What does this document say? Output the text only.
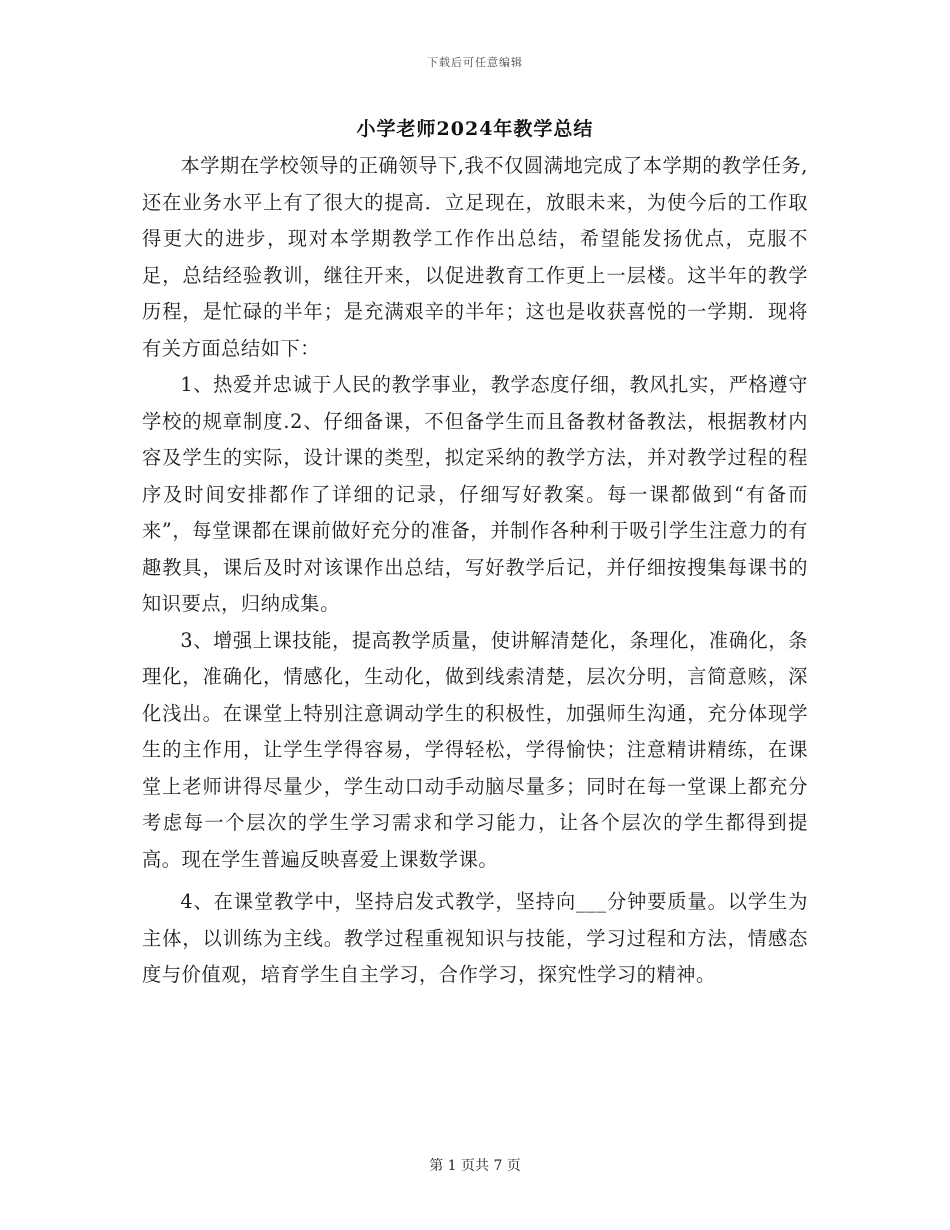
下载后可任意编辑
小学老师2024年教学总结

本学期在学校领导的正确领导下,我不仅圆满地完成了本学期的教学任务,还在业务水平上有了很大的提高．立足现在，放眼未来，为使今后的工作取得更大的进步，现对本学期教学工作作出总结，希望能发扬优点，克服不足，总结经验教训，继往开来，以促进教育工作更上一层楼。这半年的教学历程，是忙碌的半年；是充满艰辛的半年；这也是收获喜悦的一学期．现将有关方面总结如下：

1、热爱并忠诚于人民的教学事业，教学态度仔细，教风扎实，严格遵守学校的规章制度.2、仔细备课，不但备学生而且备教材备教法，根据教材内容及学生的实际，设计课的类型，拟定采纳的教学方法，并对教学过程的程序及时间安排都作了详细的记录，仔细写好教案。每一课都做到“有备而来”，每堂课都在课前做好充分的准备，并制作各种利于吸引学生注意力的有趣教具，课后及时对该课作出总结，写好教学后记，并仔细按搜集每课书的知识要点，归纳成集。

3、增强上课技能，提高教学质量，使讲解清楚化，条理化，准确化，条理化，准确化，情感化，生动化，做到线索清楚，层次分明，言简意赅，深化浅出。在课堂上特别注意调动学生的积极性，加强师生沟通，充分体现学生的主作用，让学生学得容易，学得轻松，学得愉快；注意精讲精练，在课堂上老师讲得尽量少，学生动口动手动脑尽量多；同时在每一堂课上都充分考虑每一个层次的学生学习需求和学习能力，让各个层次的学生都得到提高。现在学生普遍反映喜爱上课数学课。

4、在课堂教学中，坚持启发式教学，坚持向___分钟要质量。以学生为主体，以训练为主线。教学过程重视知识与技能，学习过程和方法，情感态度与价值观，培育学生自主学习，合作学习，探究性学习的精神。

第 1 页共 7 页
